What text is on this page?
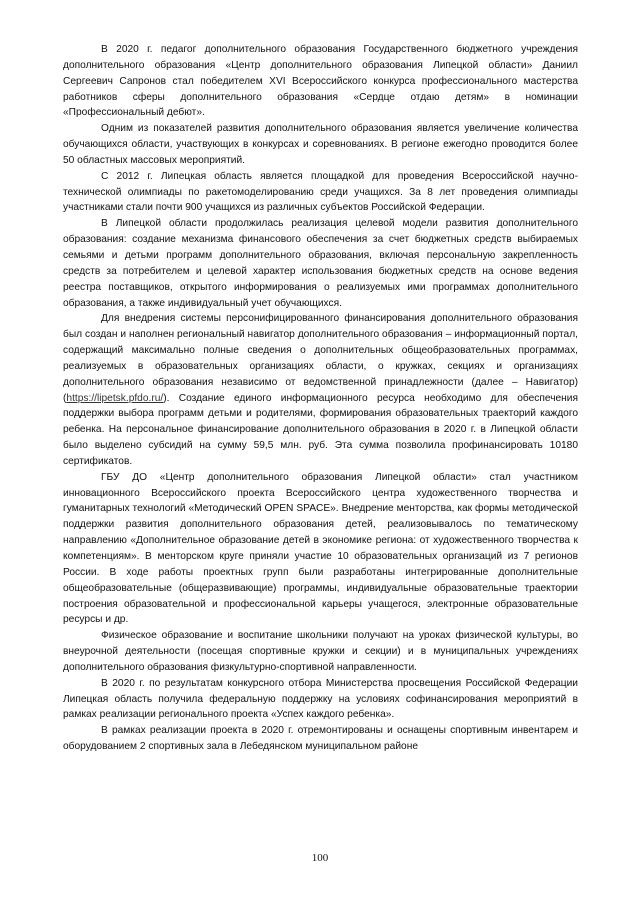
В 2020 г. педагог дополнительного образования Государственного бюджетного учреждения дополнительного образования «Центр дополнительного образования Липецкой области» Даниил Сергеевич Сапронов стал победителем XVI Всероссийского конкурса профессионального мастерства работников сферы дополнительного образования «Сердце отдаю детям» в номинации «Профессиональный дебют».

Одним из показателей развития дополнительного образования является увеличение количества обучающихся области, участвующих в конкурсах и соревнованиях. В регионе ежегодно проводится более 50 областных массовых мероприятий.

С 2012 г. Липецкая область является площадкой для проведения Всероссийской научно-технической олимпиады по ракетомоделированию среди учащихся. За 8 лет проведения олимпиады участниками стали почти 900 учащихся из различных субъектов Российской Федерации.

В Липецкой области продолжилась реализация целевой модели развития дополнительного образования: создание механизма финансового обеспечения за счет бюджетных средств выбираемых семьями и детьми программ дополнительного образования, включая персональную закрепленность средств за потребителем и целевой характер использования бюджетных средств на основе ведения реестра поставщиков, открытого информирования о реализуемых ими программах дополнительного образования, а также индивидуальный учет обучающихся.

Для внедрения системы персонифицированного финансирования дополнительного образования был создан и наполнен региональный навигатор дополнительного образования – информационный портал, содержащий максимально полные сведения о дополнительных общеобразовательных программах, реализуемых в образовательных организациях области, о кружках, секциях и организациях дополнительного образования независимо от ведомственной принадлежности (далее – Навигатор) (https://lipetsk.pfdo.ru/). Создание единого информационного ресурса необходимо для обеспечения поддержки выбора программ детьми и родителями, формирования образовательных траекторий каждого ребенка. На персональное финансирование дополнительного образования в 2020 г. в Липецкой области было выделено субсидий на сумму 59,5 млн. руб. Эта сумма позволила профинансировать 10180 сертификатов.

ГБУ ДО «Центр дополнительного образования Липецкой области» стал участником инновационного Всероссийского проекта Всероссийского центра художественного творчества и гуманитарных технологий «Методический OPEN SPACE». Внедрение менторства, как формы методической поддержки развития дополнительного образования детей, реализовывалось по тематическому направлению «Дополнительное образование детей в экономике региона: от художественного творчества к компетенциям». В менторском круге приняли участие 10 образовательных организаций из 7 регионов России. В ходе работы проектных групп были разработаны интегрированные дополнительные общеобразовательные (общеразвивающие) программы, индивидуальные образовательные траектории построения образовательной и профессиональной карьеры учащегося, электронные образовательные ресурсы и др.

Физическое образование и воспитание школьники получают на уроках физической культуры, во внеурочной деятельности (посещая спортивные кружки и секции) и в муниципальных учреждениях дополнительного образования физкультурно-спортивной направленности.

В 2020 г. по результатам конкурсного отбора Министерства просвещения Российской Федерации Липецкая область получила федеральную поддержку на условиях софинансирования мероприятий в рамках реализации регионального проекта «Успех каждого ребенка».

В рамках реализации проекта в 2020 г. отремонтированы и оснащены спортивным инвентарем и оборудованием 2 спортивных зала в Лебедянском муниципальном районе

100
